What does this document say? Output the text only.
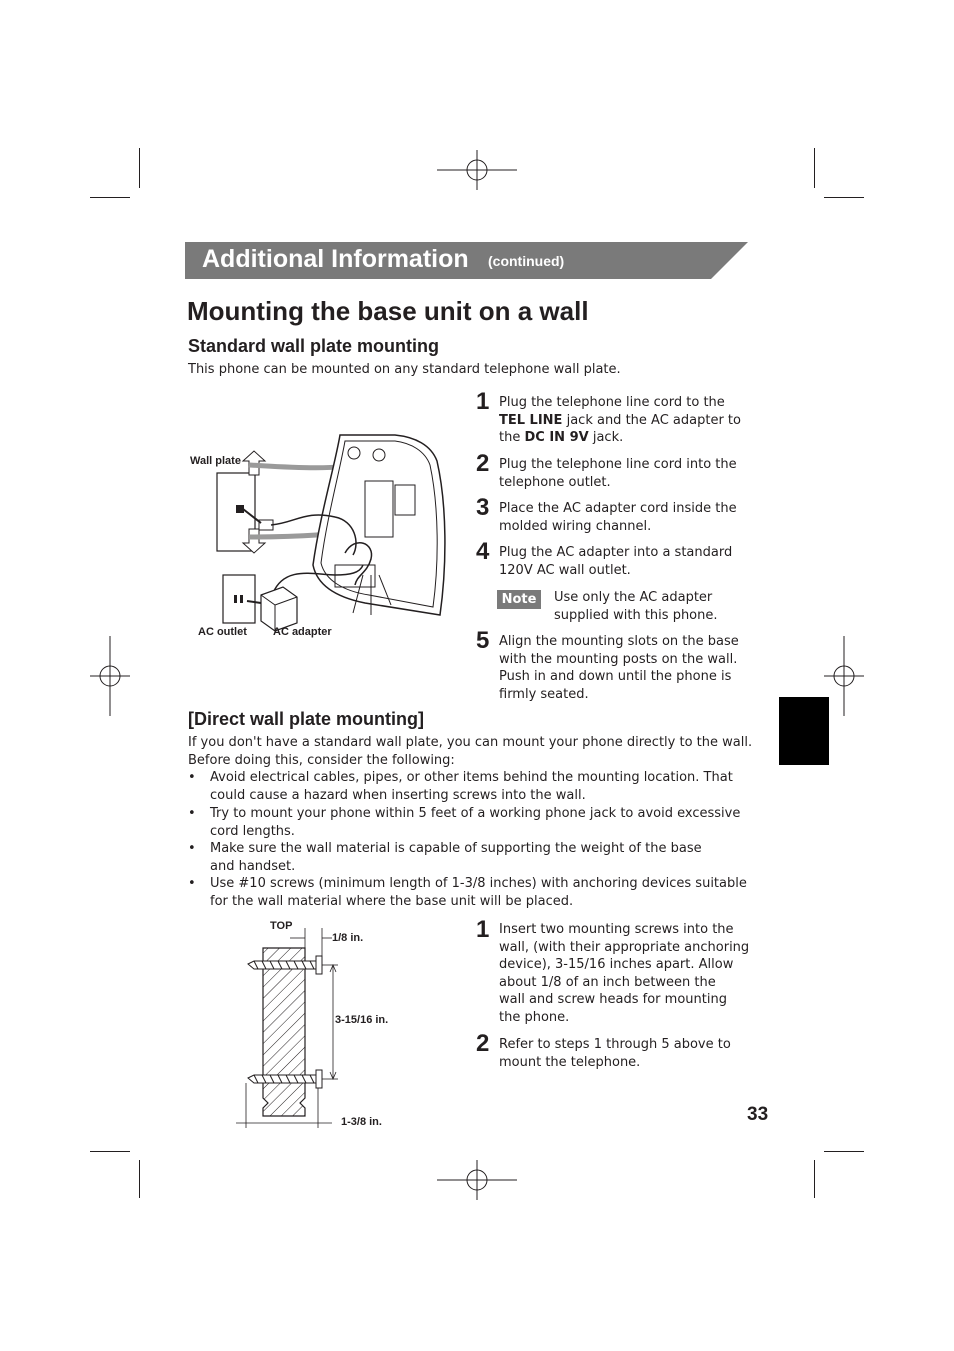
Additional Information (continued)
Mounting the base unit on a wall
Standard wall plate mounting
This phone can be mounted on any standard telephone wall plate.
Wall plate
AC outlet AC adapter
1 Plug the telephone line cord to the
TEL LINE jack and the AC adapter to
the DC IN 9V jack.
2 Plug the telephone line cord into the
telephone outlet.
3 Place the AC adapter cord inside the
molded wiring channel.
4 Plug the AC adapter into a standard
120V AC wall outlet.
Note	Use only the AC adapter
supplied with this phone.
5 Align the mounting slots on the base
with the mounting posts on the wall.
Push in and down until the phone is
firmly seated.
[Direct wall plate mounting]
If you don't have a standard wall plate, you can mount your phone directly to the wall.
Before doing this, consider the following:
• Avoid electrical cables, pipes, or other items behind the mounting location. That
could cause a hazard when inserting screws into the wall.
• Try to mount your phone within 5 feet of a working phone jack to avoid excessive
cord lengths.
• Make sure the wall material is capable of supporting the weight of the base
and handset.
• Use #10 screws (minimum length of 1-3/8 inches) with anchoring devices suitable
for the wall material where the base unit will be placed.
TOP
1/8 in.
3-15/16 in.
1-3/8 in.
1 Insert two mounting screws into the
wall, (with their appropriate anchoring
device), 3-15/16 inches apart. Allow
about 1/8 of an inch between the
wall and screw heads for mounting
the phone.
2 Refer to steps 1 through 5 above to
mount the telephone.
33
